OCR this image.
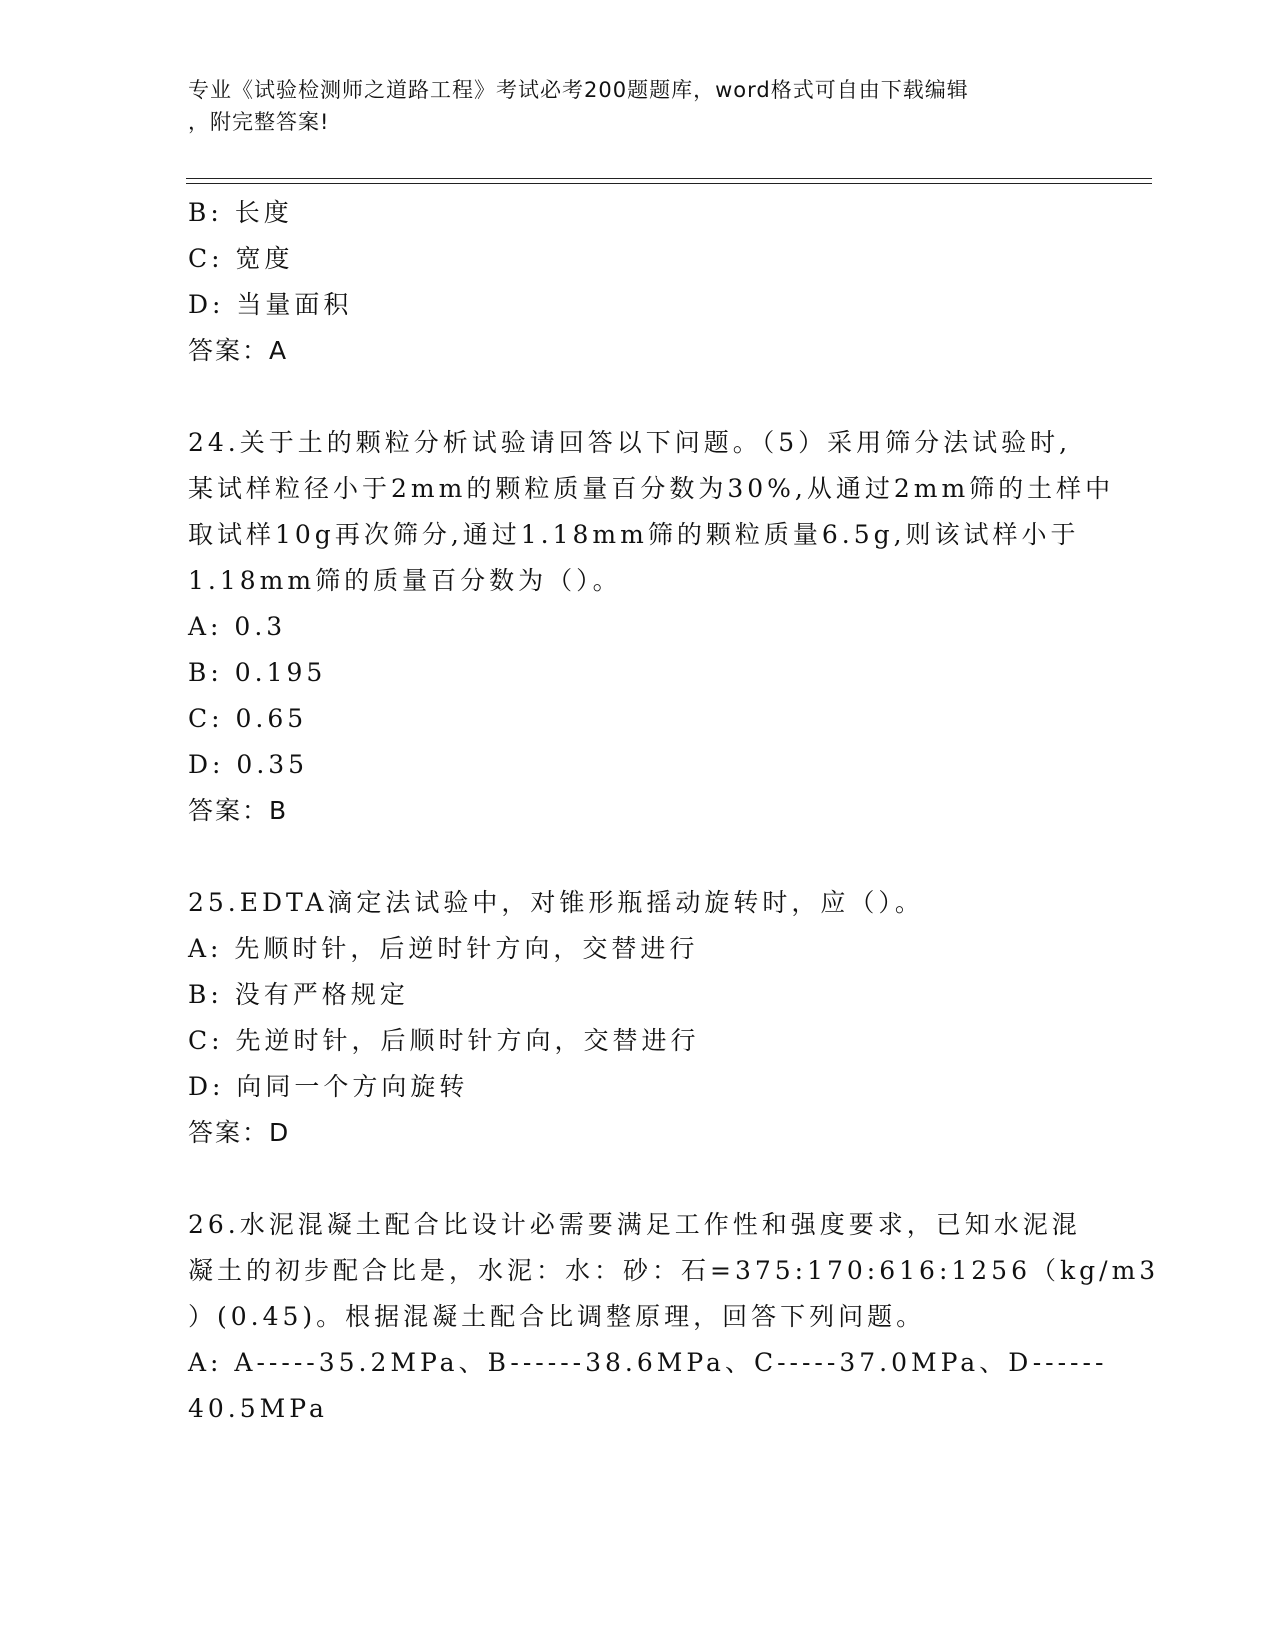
专业《试验检测师之道路工程》考试必考200题题库，word格式可自由下载编辑
，附完整答案!
B: 长度
C: 宽度
D: 当量面积
答案：A
24.关于土的颗粒分析试验请回答以下问题。（5）采用筛分法试验时,
某试样粒径小于2mm的颗粒质量百分数为30%,从通过2mm筛的土样中
取试样10g再次筛分,通过1.18mm筛的颗粒质量6.5g,则该试样小于
1.18mm筛的质量百分数为（）。
A: 0.3
B: 0.195
C: 0.65
D: 0.35
答案：B
25.EDTA滴定法试验中，对锥形瓶摇动旋转时，应（）。
A: 先顺时针，后逆时针方向，交替进行
B: 没有严格规定
C: 先逆时针，后顺时针方向，交替进行
D: 向同一个方向旋转
答案：D
26.水泥混凝土配合比设计必需要满足工作性和强度要求，已知水泥混
凝土的初步配合比是，水泥：水：砂：石=375:170:616:1256（kg/m3
）(0.45)。根据混凝土配合比调整原理，回答下列问题。
A: A-----35.2MPa、B------38.6MPa、C-----37.0MPa、D------
40.5MPa
